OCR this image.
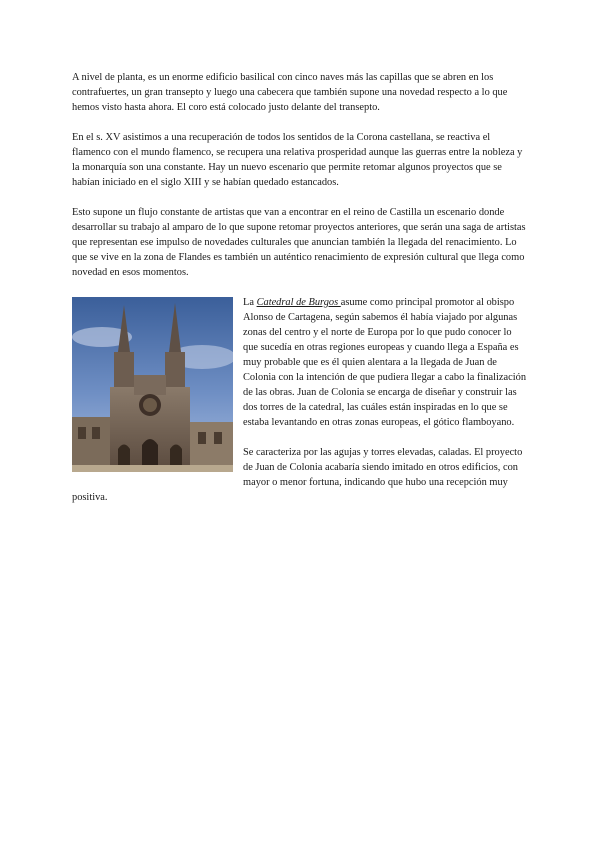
A nivel de planta, es un enorme edificio basilical con cinco naves más las capillas que se abren en los contrafuertes, un gran transepto y luego una cabecera que también supone una novedad respecto a lo que hemos visto hasta ahora. El coro está colocado justo delante del transepto.

En el s. XV asistimos a una recuperación de todos los sentidos de la Corona castellana, se reactiva el flamenco con el mundo flamenco, se recupera una relativa prosperidad aunque las guerras entre la nobleza y la monarquía son una constante. Hay un nuevo escenario que permite retomar algunos proyectos que se habían iniciado en el siglo XIII y se habían quedado estancados.

Esto supone un flujo constante de artistas que van a encontrar en el reino de Castilla un escenario donde desarrollar su trabajo al amparo de lo que supone retomar proyectos anteriores, que serán una saga de artistas que representan ese impulso de novedades culturales que anuncian también la llegada del renacimiento. Lo que se vive en la zona de Flandes es también un auténtico renacimiento de expresión cultural que llega como novedad en esos momentos.

La Catedral de Burgos asume como principal promotor al obispo Alonso de Cartagena, según sabemos él había viajado por algunas zonas del centro y el norte de Europa por lo que pudo conocer lo que sucedía en otras regiones europeas y cuando llega a España es muy probable que es él quien alentara a la llegada de Juan de Colonia con la intención de que pudiera llegar a cabo la finalización de las obras. Juan de Colonia se encarga de diseñar y construir las dos torres de la catedral, las cuáles están inspiradas en lo que se estaba levantando en otras zonas europeas, el gótico flamboyano.

Se caracteriza por las agujas y torres elevadas, caladas. El proyecto de Juan de Colonia acabaría siendo imitado en otros edificios, con mayor o menor fortuna, indicando que hubo una recepción muy positiva.
